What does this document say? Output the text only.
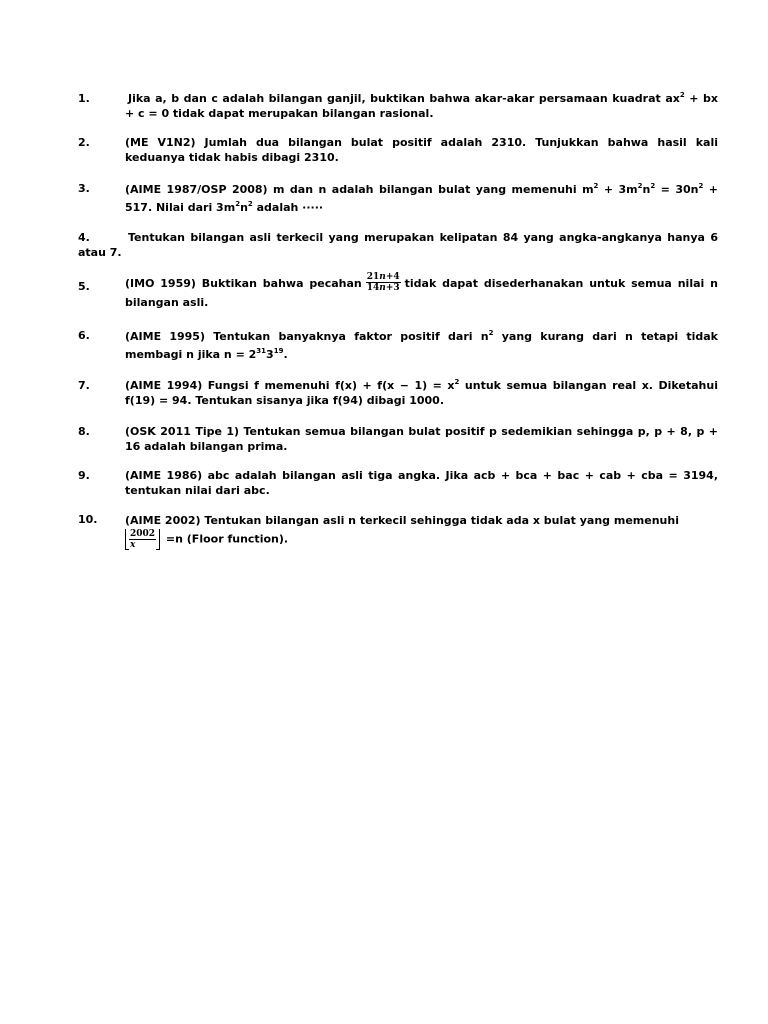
1.	Jika a, b dan c adalah bilangan ganjil, buktikan bahwa akar-akar persamaan kuadrat $ax^2$ + bx + c = 0 tidak dapat merupakan bilangan rasional.
2.	(ME V1N2) Jumlah dua bilangan bulat positif adalah 2310. Tunjukkan bahwa hasil kali keduanya tidak habis dibagi 2310.
3.	(AIME 1987/OSP 2008) m dan n adalah bilangan bulat yang memenuhi $m^2 + 3m^2n^2 = 30n^2 + 517$. Nilai dari $3m^2n^2$ adalah ·····
4.	Tentukan bilangan asli terkecil yang merupakan kelipatan 84 yang angka-angkanya hanya 6 atau 7.
5.	(IMO 1959) Buktikan bahwa pecahan $\frac{21n+4}{14n+3}$ tidak dapat disederhanakan untuk semua nilai n bilangan asli.
6.	(AIME 1995) Tentukan banyaknya faktor positif dari $n^2$ yang kurang dari n tetapi tidak membagi n jika $n = 2^{31}3^{19}$.
7.	(AIME 1994) Fungsi f memenuhi $f(x) + f(x - 1) = x^2$ untuk semua bilangan real x. Diketahui f(19) = 94. Tentukan sisanya jika f(94) dibagi 1000.
8.	(OSK 2011 Tipe 1) Tentukan semua bilangan bulat positif p sedemikian sehingga p, p + 8, p + 16 adalah bilangan prima.
9.	(AIME 1986) abc adalah bilangan asli tiga angka. Jika acb + bca + bac + cab + cba = 3194, tentukan nilai dari abc.
10.	(AIME 2002) Tentukan bilangan asli n terkecil sehingga tidak ada x bulat yang memenuhi

$\frac{2002}{x} =n$ (Floor function).
